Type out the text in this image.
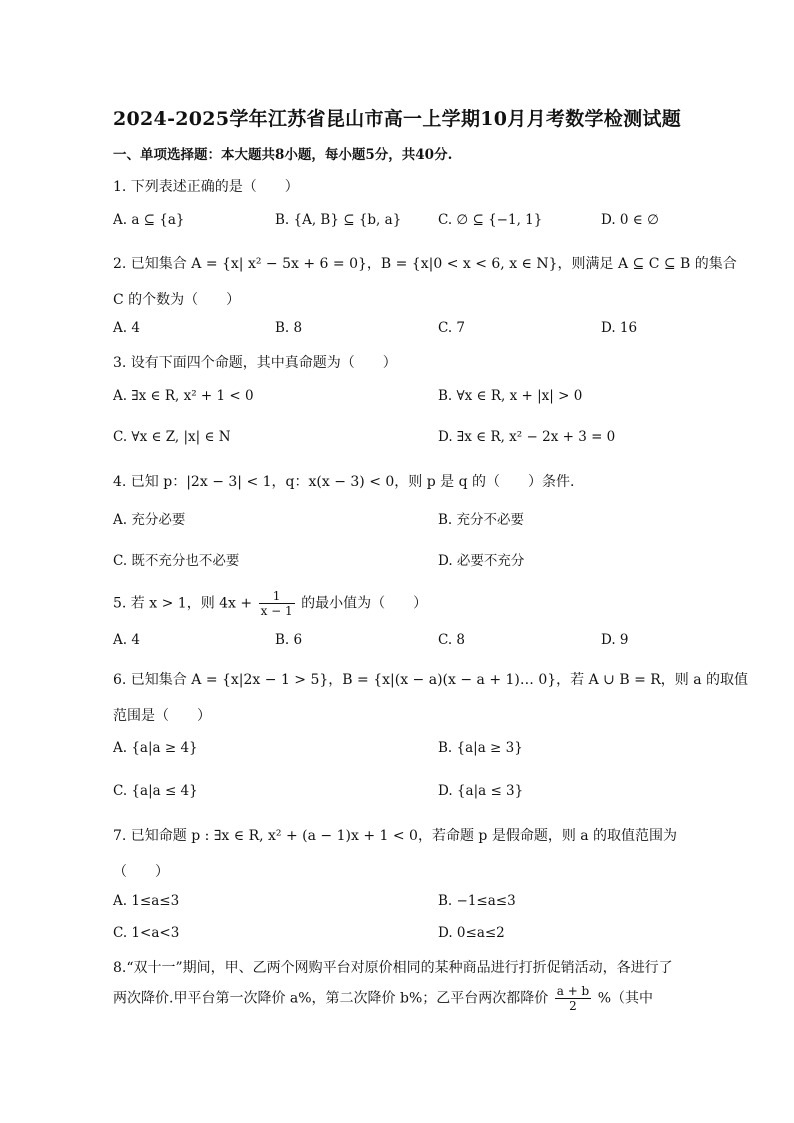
2024-2025学年江苏省昆山市高一上学期10月月考数学检测试题
一、单项选择题：本大题共8小题，每小题5分，共40分.
1. 下列表述正确的是（　　）
A. a ⊆ {a}	B. {A, B} ⊆ {b, a}	C. ∅ ⊆ {−1, 1}	D. 0 ∈ ∅
2. 已知集合 A = {x| x² − 5x + 6 = 0}，B = {x|0 < x < 6, x ∈ N}，则满足 A ⊆ C ⊆ B 的集合
C 的个数为（　　）
A. 4	B. 8	C. 7	D. 16
3. 设有下面四个命题，其中真命题为（　　）
A. ∃x ∈ R, x² + 1 < 0	B. ∀x ∈ R, x + |x| > 0
C. ∀x ∈ Z, |x| ∈ N	D. ∃x ∈ R, x² − 2x + 3 = 0
4. 已知 p：|2x − 3| < 1，q：x(x − 3) < 0，则 p 是 q 的（　　）条件.
A. 充分必要	B. 充分不必要
C. 既不充分也不必要	D. 必要不充分
5. 若 x > 1，则 $4x + \frac{1}{x - 1}$ 的最小值为（　　）
A. 4	B. 6	C. 8	D. 9
6. 已知集合 A = {x|2x − 1 > 5}，B = {x|(x − a)(x − a + 1)… 0}，若 A ∪ B = R，则 a 的取值
范围是（　　）
A. {a|a ≥ 4}	B. {a|a ≥ 3}
C. {a|a ≤ 4}	D. {a|a ≤ 3}
7. 已知命题 p : ∃x ∈ R, x² + (a − 1)x + 1 < 0，若命题 p 是假命题，则 a 的取值范围为
（　　）
A. 1≤a≤3	B. −1≤a≤3
C. 1<a<3	D. 0≤a≤2
8.“双十一”期间，甲、乙两个网购平台对原价相同的某种商品进行打折促销活动，各进行了
两次降价.甲平台第一次降价 a%，第二次降价 b%；乙平台两次都降价 $\frac{a + b}{2}$ %（其中
